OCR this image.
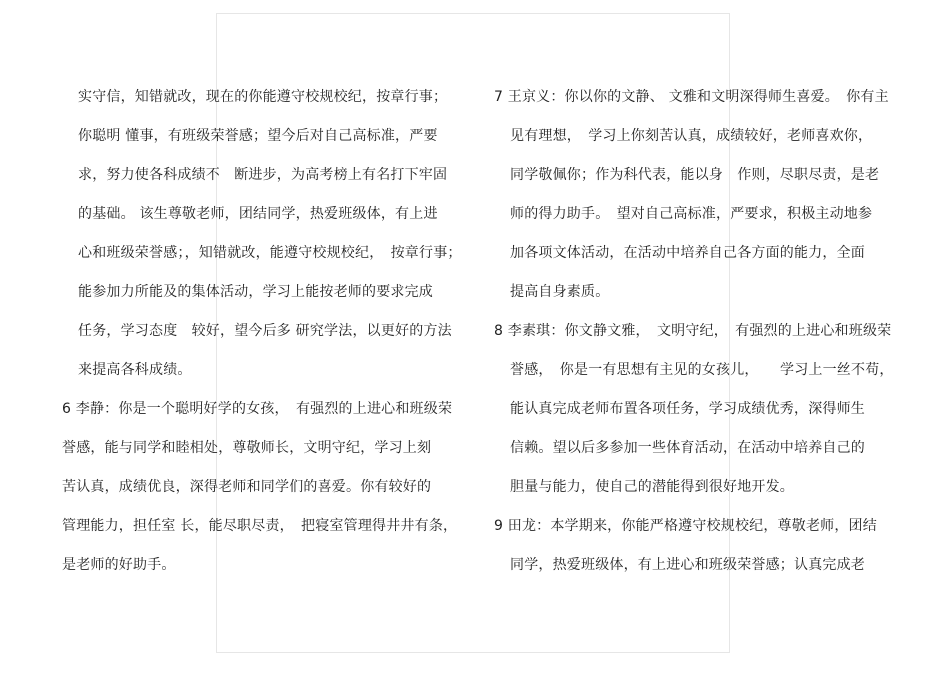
实守信，知错就改，现在的你能遵守校规校纪，按章行事；
你聪明 懂事，有班级荣誉感；望今后对自己高标准，严要
求，努力使各科成绩不　断进步，为高考榜上有名打下牢固
的基础。 该生尊敬老师，团结同学，热爱班级体，有上进
心和班级荣誉感；，知错就改，能遵守校规校纪，　按章行事；
能参加力所能及的集体活动，学习上能按老师的要求完成
任务，学习态度　较好，望今后多 研究学法，以更好的方法
来提高各科成绩。
6 李静：你是一个聪明好学的女孩，　有强烈的上进心和班级荣
誉感，能与同学和睦相处，尊敬师长，文明守纪，学习上刻
苦认真，成绩优良，深得老师和同学们的喜爱。你有较好的
管理能力，担任室 长，能尽职尽责，　把寝室管理得井井有条，
是老师的好助手。
7 王京义：你以你的文静、 文雅和文明深得师生喜爱。　你有主
见有理想，　学习上你刻苦认真，成绩较好，老师喜欢你，
同学敬佩你；作为科代表，能以身　作则，尽职尽责，是老
师的得力助手。　望对自己高标准，严要求，积极主动地参
加各项文体活动，在活动中培养自己各方面的能力，全面
提高自身素质。
8 李素琪：你文静文雅，　文明守纪，　有强烈的上进心和班级荣
誉感，　你是一有思想有主见的女孩儿，　　学习上一丝不苟，
能认真完成老师布置各项任务，学习成绩优秀，深得师生
信赖。望以后多参加一些体育活动，在活动中培养自己的
胆量与能力，使自己的潜能得到很好地开发。
9 田龙：本学期来，你能严格遵守校规校纪，尊敬老师，团结
同学，热爱班级体，有上进心和班级荣誉感；认真完成老
